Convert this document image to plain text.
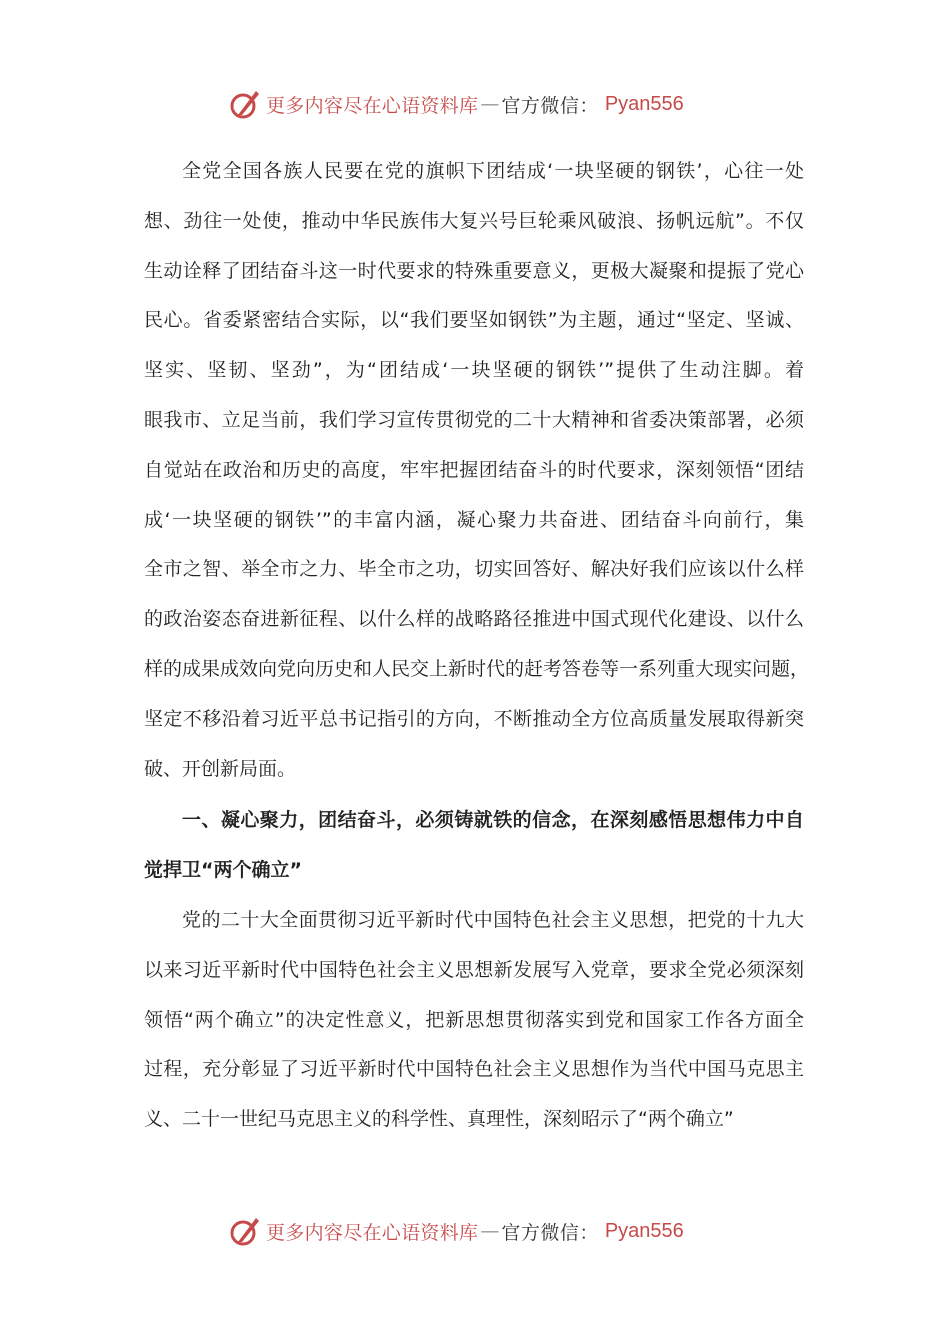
更多内容尽在心语资料库 — 官方微信： Pyan556
全党全国各族人民要在党的旗帜下团结成‘一块坚硬的钢铁’，心往一处
想、劲往一处使，推动中华民族伟大复兴号巨轮乘风破浪、扬帆远航”。不仅
生动诠释了团结奋斗这一时代要求的特殊重要意义，更极大凝聚和提振了党心
民心。省委紧密结合实际，以“我们要坚如钢铁”为主题，通过“坚定、坚诚、
坚实、坚韧、坚劲”，为“团结成‘一块坚硬的钢铁’”提供了生动注脚。着
眼我市、立足当前，我们学习宣传贯彻党的二十大精神和省委决策部署，必须
自觉站在政治和历史的高度，牢牢把握团结奋斗的时代要求，深刻领悟“团结
成‘一块坚硬的钢铁’”的丰富内涵，凝心聚力共奋进、团结奋斗向前行，集
全市之智、举全市之力、毕全市之功，切实回答好、解决好我们应该以什么样
的政治姿态奋进新征程、以什么样的战略路径推进中国式现代化建设、以什么
样的成果成效向党向历史和人民交上新时代的赶考答卷等一系列重大现实问题，
坚定不移沿着习近平总书记指引的方向，不断推动全方位高质量发展取得新突
破、开创新局面。
一、凝心聚力，团结奋斗，必须铸就铁的信念，在深刻感悟思想伟力中自
觉捍卫“两个确立”
党的二十大全面贯彻习近平新时代中国特色社会主义思想，把党的十九大
以来习近平新时代中国特色社会主义思想新发展写入党章，要求全党必须深刻
领悟“两个确立”的决定性意义，把新思想贯彻落实到党和国家工作各方面全
过程，充分彰显了习近平新时代中国特色社会主义思想作为当代中国马克思主
义、二十一世纪马克思主义的科学性、真理性，深刻昭示了“两个确立”
更多内容尽在心语资料库 — 官方微信： Pyan556
